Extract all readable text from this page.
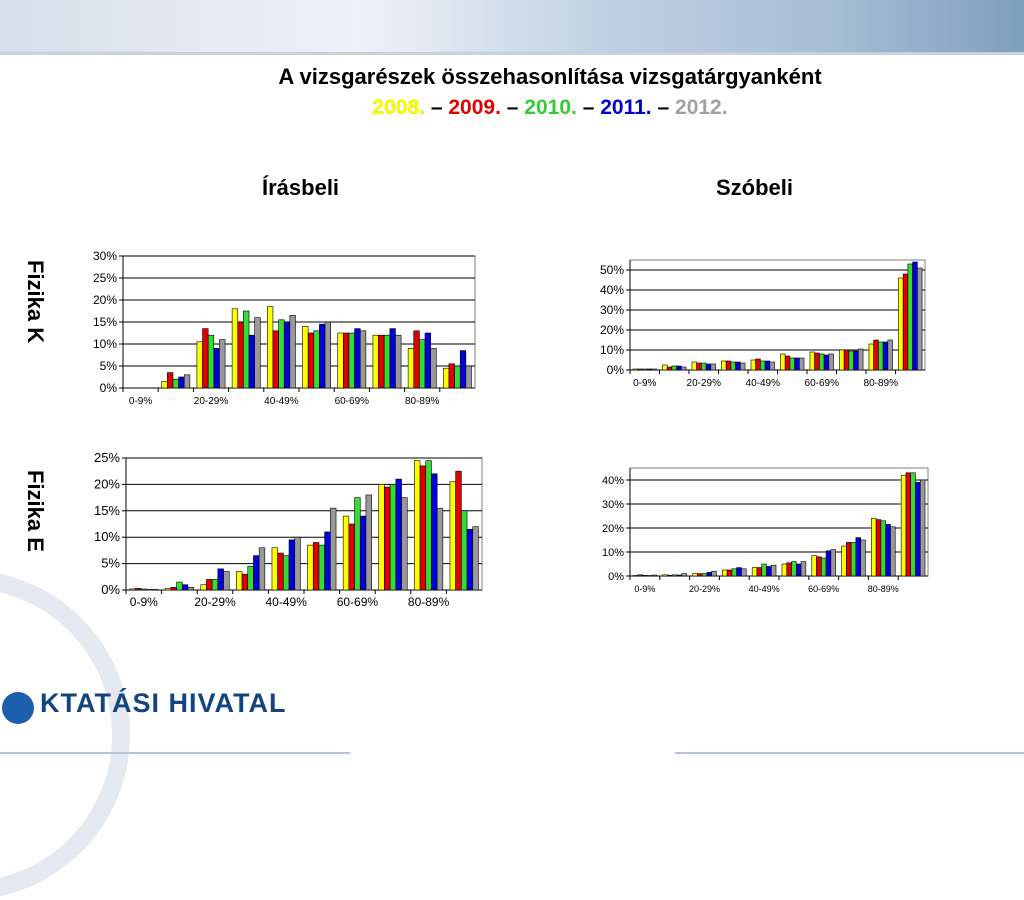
A vizsgarészek összehasonlítása vizsgatárgyanként
2008. – 2009. – 2010. – 2011. – 2012.
Írásbeli	Szóbeli
Fizika K
Fizika E
0%
5%
10%
15%
20%
25%
30%
0-9%	20-29%	40-49%	60-69%	80-89%
0%
10%
20%
30%
40%
50%
0-9%	20-29% 40-49% 60-69% 80-89%
0%
5%
10%
15%
20%
25%
0-9%	20-29% 40-49% 60-69% 80-89%
0%
10%
20%
30%
40%
0-9%	20-29%	40-49%	60-69%	80-89%
KTATÁSI HIVATAL
